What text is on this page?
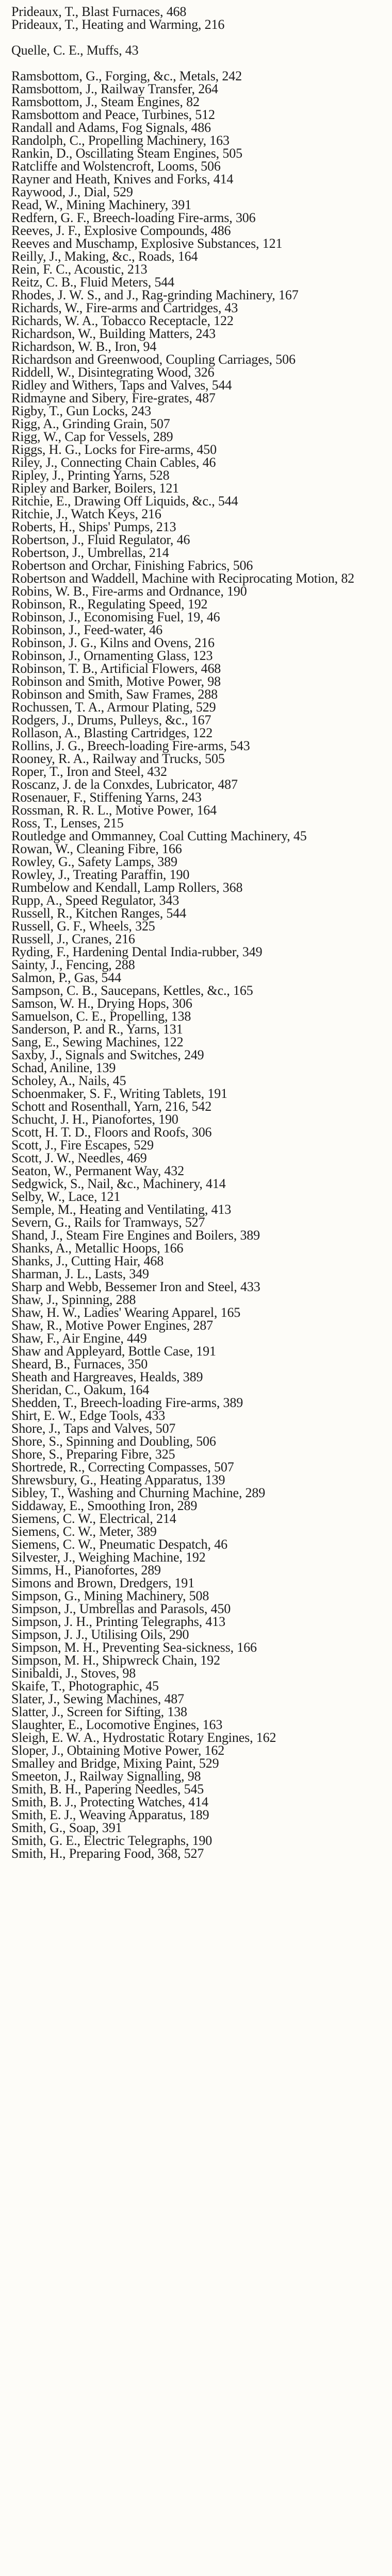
Prideaux, T., Blast Furnaces, 468
Prideaux, T., Heating and Warming, 216
Quelle, C. E., Muffs, 43
Ramsbottom, G., Forging, &c., Metals, 242
Ramsbottom, J., Railway Transfer, 264
Ramsbottom, J., Steam Engines, 82
Ramsbottom and Peace, Turbines, 512
Randall and Adams, Fog Signals, 486
Randolph, C., Propelling Machinery, 163
Rankin, D., Oscillating Steam Engines, 505
Ratcliffe and Wolstencroft, Looms, 506
Rayner and Heath, Knives and Forks, 414
Raywood, J., Dial, 529
Read, W., Mining Machinery, 391
Redfern, G. F., Breech-loading Fire-arms, 306
Reeves, J. F., Explosive Compounds, 486
Reeves and Muschamp, Explosive Substances, 121
Reilly, J., Making, &c., Roads, 164
Rein, F. C., Acoustic, 213
Reitz, C. B., Fluid Meters, 544
Rhodes, J. W. S., and J., Rag-grinding Machinery, 167
Richards, W., Fire-arms and Cartridges, 43
Richards, W. A., Tobacco Receptacle, 122
Richardson, W., Building Matters, 243
Richardson, W. B., Iron, 94
Richardson and Greenwood, Coupling Carriages, 506
Riddell, W., Disintegrating Wood, 326
Ridley and Withers, Taps and Valves, 544
Ridmayne and Sibery, Fire-grates, 487
Rigby, T., Gun Locks, 243
Rigg, A., Grinding Grain, 507
Rigg, W., Cap for Vessels, 289
Riggs, H. G., Locks for Fire-arms, 450
Riley, J., Connecting Chain Cables, 46
Ripley, J., Printing Yarns, 528
Ripley and Barker, Boilers, 121
Ritchie, E., Drawing Off Liquids, &c., 544
Ritchie, J., Watch Keys, 216
Roberts, H., Ships' Pumps, 213
Robertson, J., Fluid Regulator, 46
Robertson, J., Umbrellas, 214
Robertson and Orchar, Finishing Fabrics, 506
Robertson and Waddell, Machine with Reciprocating Motion, 82
Robins, W. B., Fire-arms and Ordnance, 190
Robinson, R., Regulating Speed, 192
Robinson, J., Economising Fuel, 19, 46
Robinson, J., Feed-water, 46
Robinson, J. G., Kilns and Ovens, 216
Robinson, J., Ornamenting Glass, 123
Robinson, T. B., Artificial Flowers, 468
Robinson and Smith, Motive Power, 98
Robinson and Smith, Saw Frames, 288
Rochussen, T. A., Armour Plating, 529
Rodgers, J., Drums, Pulleys, &c., 167
Rollason, A., Blasting Cartridges, 122
Rollins, J. G., Breech-loading Fire-arms, 543
Rooney, R. A., Railway and Trucks, 505
Roper, T., Iron and Steel, 432
Roscanz, J. de la Conxdes, Lubricator, 487
Rosenauer, F., Stiffening Yarns, 243
Rossman, R. R. L., Motive Power, 164
Ross, T., Lenses, 215
Routledge and Ommanney, Coal Cutting Machinery, 45
Rowan, W., Cleaning Fibre, 166
Rowley, G., Safety Lamps, 389
Rowley, J., Treating Paraffin, 190
Rumbelow and Kendall, Lamp Rollers, 368
Rupp, A., Speed Regulator, 343
Russell, R., Kitchen Ranges, 544
Russell, G. F., Wheels, 325
Russell, J., Cranes, 216
Ryding, F., Hardening Dental India-rubber, 349
Sainty, J., Fencing, 288
Salmon, P., Gas, 544
Sampson, C. B., Saucepans, Kettles, &c., 165
Samson, W. H., Drying Hops, 306
Samuelson, C. E., Propelling, 138
Sanderson, P. and R., Yarns, 131
Sang, E., Sewing Machines, 122
Saxby, J., Signals and Switches, 249
Schad, Aniline, 139
Scholey, A., Nails, 45
Schoenmaker, S. F., Writing Tablets, 191
Schott and Rosenthall, Yarn, 216, 542
Schucht, J. H., Pianofortes, 190
Scott, H. T. D., Floors and Roofs, 306
Scott, J., Fire Escapes, 529
Scott, J. W., Needles, 469
Seaton, W., Permanent Way, 432
Sedgwick, S., Nail, &c., Machinery, 414
Selby, W., Lace, 121
Semple, M., Heating and Ventilating, 413
Severn, G., Rails for Tramways, 527
Shand, J., Steam Fire Engines and Boilers, 389
Shanks, A., Metallic Hoops, 166
Shanks, J., Cutting Hair, 468
Sharman, J. L., Lasts, 349
Sharp and Webb, Bessemer Iron and Steel, 433
Shaw, J., Spinning, 288
Shaw, H. W., Ladies' Wearing Apparel, 165
Shaw, R., Motive Power Engines, 287
Shaw, F., Air Engine, 449
Shaw and Appleyard, Bottle Case, 191
Sheard, B., Furnaces, 350
Sheath and Hargreaves, Healds, 389
Sheridan, C., Oakum, 164
Shedden, T., Breech-loading Fire-arms, 389
Shirt, E. W., Edge Tools, 433
Shore, J., Taps and Valves, 507
Shore, S., Spinning and Doubling, 506
Shore, S., Preparing Fibre, 325
Shortrede, R., Correcting Compasses, 507
Shrewsbury, G., Heating Apparatus, 139
Sibley, T., Washing and Churning Machine, 289
Siddaway, E., Smoothing Iron, 289
Siemens, C. W., Electrical, 214
Siemens, C. W., Meter, 389
Siemens, C. W., Pneumatic Despatch, 46
Silvester, J., Weighing Machine, 192
Simms, H., Pianofortes, 289
Simons and Brown, Dredgers, 191
Simpson, G., Mining Machinery, 508
Simpson, J., Umbrellas and Parasols, 450
Simpson, J. H., Printing Telegraphs, 413
Simpson, J. J., Utilising Oils, 290
Simpson, M. H., Preventing Sea-sickness, 166
Simpson, M. H., Shipwreck Chain, 192
Sinibaldi, J., Stoves, 98
Skaife, T., Photographic, 45
Slater, J., Sewing Machines, 487
Slatter, J., Screen for Sifting, 138
Slaughter, E., Locomotive Engines, 163
Sleigh, E. W. A., Hydrostatic Rotary Engines, 162
Sloper, J., Obtaining Motive Power, 162
Smalley and Bridge, Mixing Paint, 529
Smeeton, J., Railway Signalling, 98
Smith, B. H., Papering Needles, 545
Smith, B. J., Protecting Watches, 414
Smith, E. J., Weaving Apparatus, 189
Smith, G., Soap, 391
Smith, G. E., Electric Telegraphs, 190
Smith, H., Preparing Food, 368, 527
